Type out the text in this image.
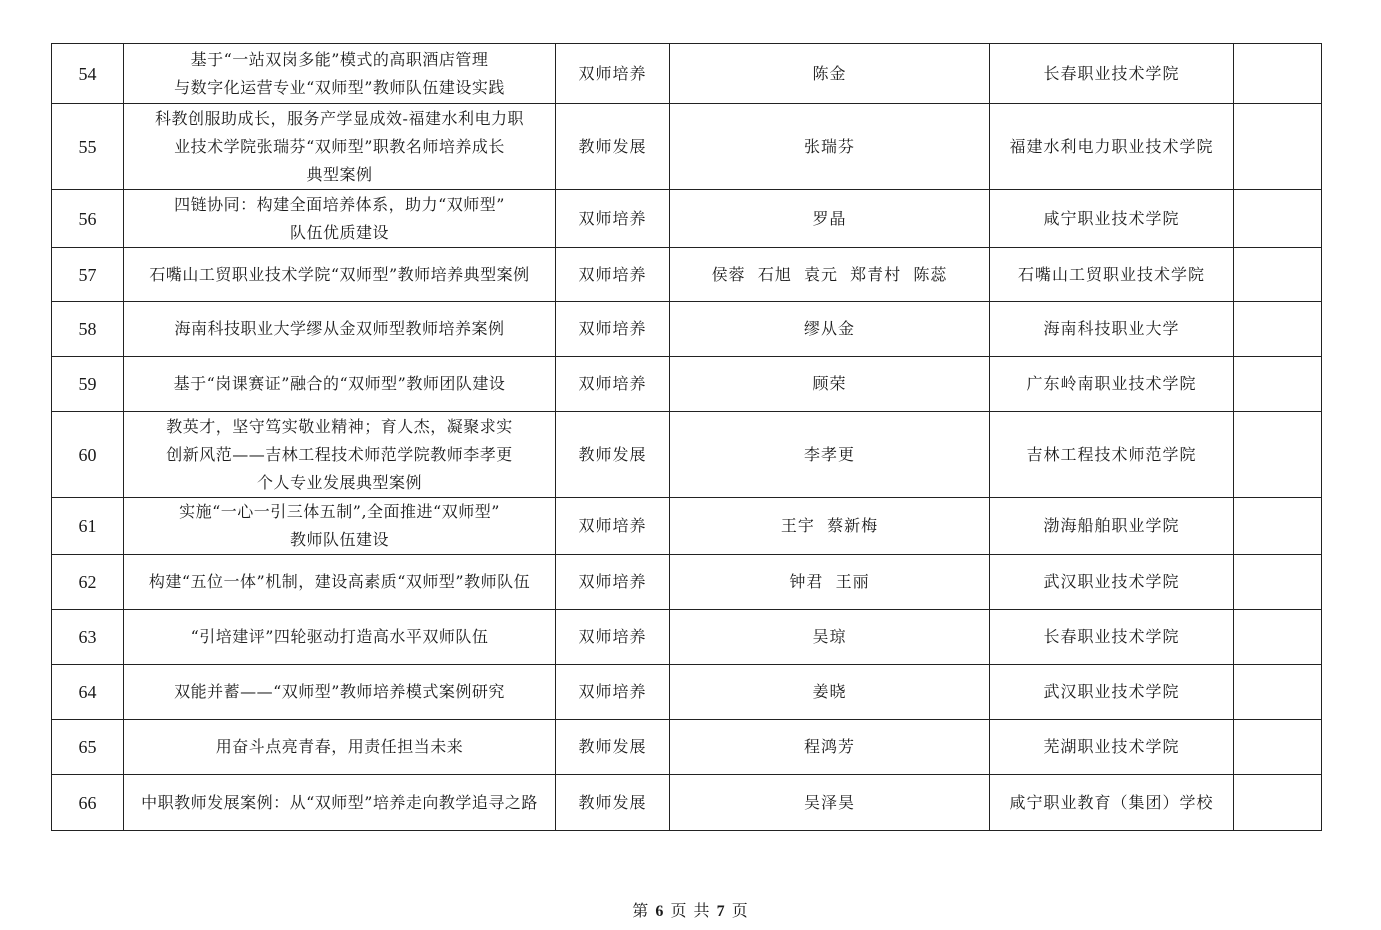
54	基于“一站双岗多能”模式的高职酒店管理
与数字化运营专业“双师型”教师队伍建设实践	双师培养	陈金	长春职业技术学院	
55	科教创服助成长，服务产学显成效-福建水利电力职
业技术学院张瑞芬“双师型”职教名师培养成长
典型案例	教师发展	张瑞芬	福建水利电力职业技术学院	
56	四链协同：构建全面培养体系，助力“双师型”
队伍优质建设	双师培养	罗晶	咸宁职业技术学院	
57	石嘴山工贸职业技术学院“双师型”教师培养典型案例	双师培养	侯蓉  石旭  袁元  郑青村  陈蕊	石嘴山工贸职业技术学院	
58	海南科技职业大学缪从金双师型教师培养案例	双师培养	缪从金	海南科技职业大学	
59	基于“岗课赛证”融合的“双师型”教师团队建设	双师培养	顾荣	广东岭南职业技术学院	
60	教英才，坚守笃实敬业精神；育人杰，凝聚求实
创新风范——吉林工程技术师范学院教师李孝更
个人专业发展典型案例	教师发展	李孝更	吉林工程技术师范学院	
61	实施“一心一引三体五制”,全面推进“双师型”
教师队伍建设	双师培养	王宇  蔡新梅	渤海船舶职业学院	
62	构建“五位一体”机制，建设高素质“双师型”教师队伍	双师培养	钟君  王丽	武汉职业技术学院	
63	“引培建评”四轮驱动打造高水平双师队伍	双师培养	吴琼	长春职业技术学院	
64	双能并蓄——“双师型”教师培养模式案例研究	双师培养	姜晓	武汉职业技术学院	
65	用奋斗点亮青春，用责任担当未来	教师发展	程鸿芳	芜湖职业技术学院	
66	中职教师发展案例：从“双师型”培养走向教学追寻之路	教师发展	吴泽昊	咸宁职业教育（集团）学校	
第 6 页 共 7 页
